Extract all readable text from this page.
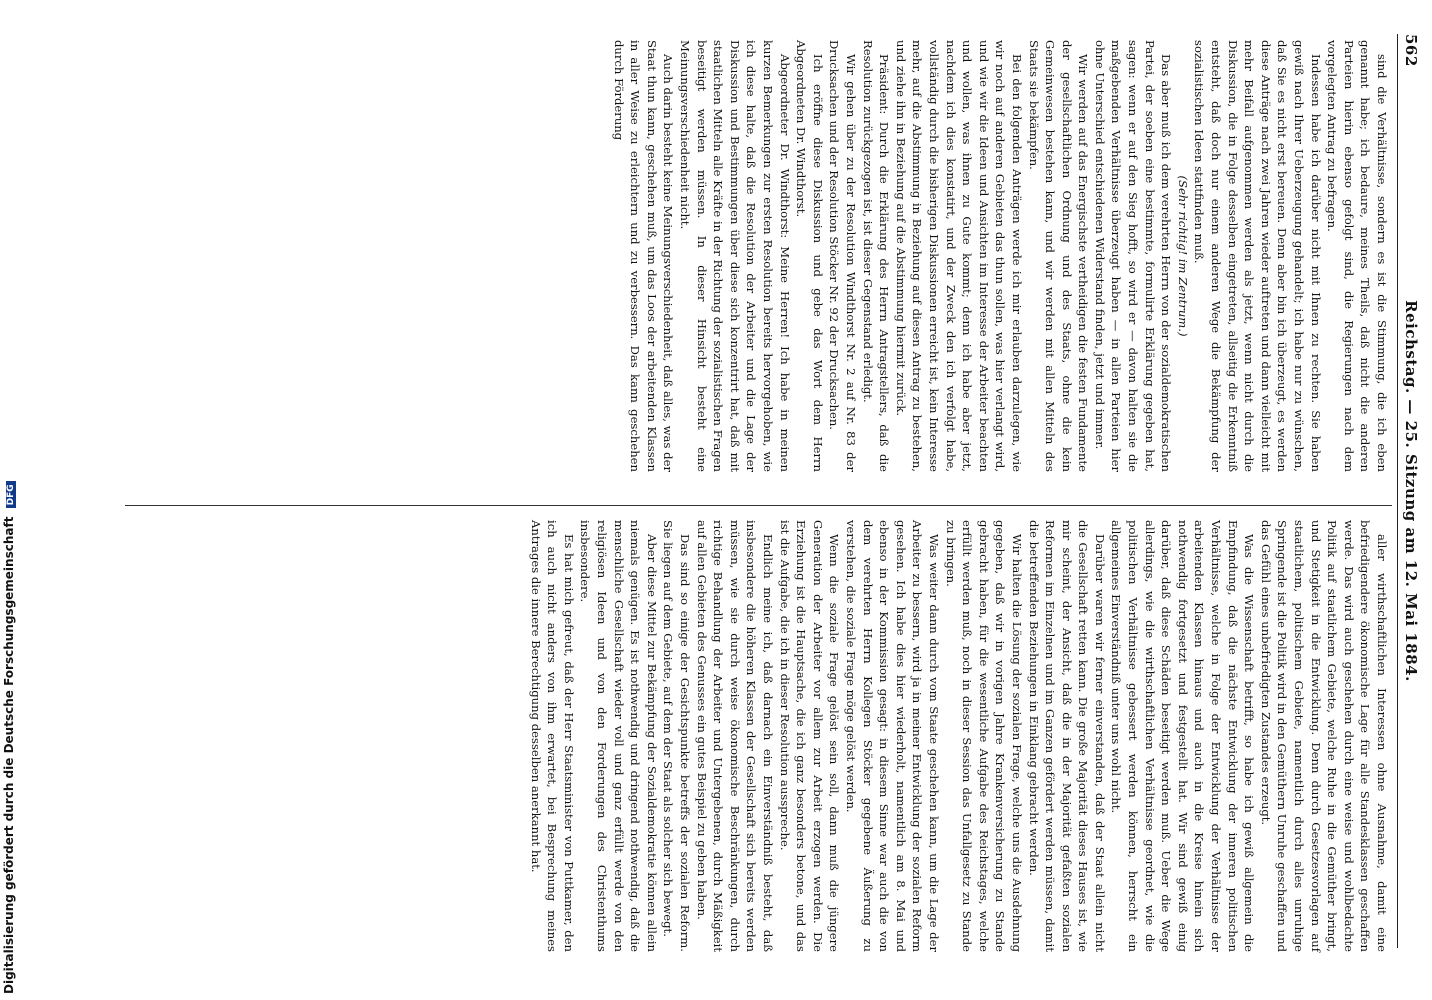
562
Reichstag. — 25. Sitzung am 12. Mai 1884.

sind die Verhältnisse, sondern es ist die Stimmung, die ich eben genannt habe; ich bedaure, meines Theils, daß nicht die anderen Parteien hierin ebenso gefolgt sind, die Regierungen nach dem vorgelegten Antrag zu befragen.

Indessen habe ich darüber nicht mit Ihnen zu rechten. Sie haben gewiß nach Ihrer Ueberzeugung gehandelt; ich habe nur zu wünschen, daß Sie es nicht erst bereuen. Denn aber bin ich überzeugt, es werden diese Anträge nach zwei Jahren wieder auftreten und dann vielleicht mit mehr Beifall aufgenommen werden als jetzt, wenn nicht durch die Diskussion, die in Folge desselben eingetreten, allseitig die Erkenntniß entsteht, daß doch nur einem anderen Wege die Bekämpfung der sozialistischen Ideen stattfinden muß.

(Sehr richtig! im Zentrum.)

Das aber muß ich dem verehrten Herrn von der sozialdemokratischen Partei, der soeben eine bestimmte, formulirte Erklärung gegeben hat, sagen: wenn er auf den Sieg hofft, so wird er — davon halten sie die maßgebenden Verhältnisse überzeugt haben — in allen Parteien hier ohne Unterschied entschiedenen Widerstand finden, jetzt und immer.

Wir werden auf das Energischste vertheidigen die festen Fundamente der gesellschaftlichen Ordnung und des Staats, ohne die kein Gemeinwesen bestehen kann, und wir werden mit allen Mitteln des Staats sie bekämpfen.

Bei den folgenden Anträgen werde ich mir erlauben darzulegen, wie wir noch auf anderen Gebieten das thun sollen, was hier verlangt wird, und wie wir die Ideen und Ansichten im Interesse der Arbeiter beachten und wollen, was ihnen zu Gute kommt; denn ich habe aber jetzt, nachdem ich dies konstatirt, und der Zweck den ich verfolgt habe, vollständig durch die bisherigen Diskussionen erreicht ist, kein Interesse mehr, auf die Abstimmung in Beziehung auf diesen Antrag zu bestehen, und ziehe ihn in Beziehung auf die Abstimmung hiermit zurück.

Präsident: Durch die Erklärung des Herrn Antragstellers, daß die Resolution zurückgezogen ist, ist dieser Gegenstand erledigt.

Wir gehen über zu der Resolution Windthorst Nr. 2 auf Nr. 83 der Drucksachen und der Resolution Stöcker Nr. 92 der Drucksachen.

Ich eröffne diese Diskussion und gebe das Wort dem Herrn Abgeordneten Dr. Windthorst.

Abgeordneter Dr. Windthorst: Meine Herren! Ich habe in meinen kurzen Bemerkungen zur ersten Resolution bereits hervorgehoben, wie ich diese halte, daß die Resolution der Arbeiter und die Lage der Diskussion und Bestimmungen über diese sich konzentrirt hat, daß mit staatlichen Mitteln alle Kräfte in der Richtung der sozialistischen Fragen beseitigt werden müssen. In dieser Hinsicht besteht eine Meinungsverschiedenheit nicht.

Auch darin besteht keine Meinungsverschiedenheit, daß alles, was der Staat thun kann, geschehen muß, um das Loos der arbeitenden Klassen in aller Weise zu erleichtern und zu verbessern. Das kann geschehen durch Förderung

aller wirthschaftlichen Interessen ohne Ausnahme, damit eine befriedigendere ökonomische Lage für alle Standesklassen geschaffen werde. Das wird auch geschehen durch eine weise und wohlbedachte Politik auf staatlichem Gebiete, welche Ruhe in die Gemüther bringt, und Stetigkeit in die Entwicklung. Denn durch Gesetzesvorlagen auf staatlichem, politischem Gebiete, namentlich durch alles unruhige Springende ist die Politik wird in den Gemüthern Unruhe geschaffen und das Gefühl eines unbefriedigten Zustandes erzeugt.

Was die Wissenschaft betrifft, so habe ich gewiß allgemein die Empfindung, daß die nächste Entwicklung der inneren politischen Verhältnisse, welche in Folge der Entwicklung der Verhältnisse der arbeitenden Klassen hinaus und auch in die Kreise hinein sich nothwendig fortgesetzt und festgestellt hat. Wir sind gewiß einig darüber, daß diese Schäden beseitigt werden muß. Ueber die Wege allerdings, wie die wirthschaftlichen Verhältnisse geordnet, wie die politischen Verhältnisse gebessert werden können, herrscht ein allgemeines Einverständniß unter uns wohl nicht.

Darüber waren wir ferner einverstanden, daß der Staat allein nicht die Gesellschaft retten kann. Die große Majorität dieses Hauses ist, wie mir scheint, der Ansicht, daß die in der Majorität gefaßten sozialen Reformen im Einzelnen und im Ganzen gefördert werden müssen, damit die betreffenden Beziehungen in Einklang gebracht werden.

Wir halten die Lösung der sozialen Frage, welche uns die Ausdehnung gegeben, daß wir in vorigen Jahre Krankenversicherung zu Stande gebracht haben, für die wesentliche Aufgabe des Reichstages, welche erfüllt werden muß, noch in dieser Session das Unfallgesetz zu Stande zu bringen.

Was weiter dann durch vom Staate geschehen kann, um die Lage der Arbeiter zu bessern, wird ja in meiner Entwicklung der sozialen Reform gesehen. Ich habe dies hier wiederholt, namentlich am 8. Mai und ebenso in der Kommission gesagt: in diesem Sinne war auch die von dem verehrten Herrn Kollegen Stöcker gegebene Äußerung zu verstehen, die soziale Frage möge gelöst werden.

Wenn die soziale Frage gelöst sein soll, dann muß die jüngere Generation der Arbeiter vor allem zur Arbeit erzogen werden. Die Erziehung ist die Hauptsache, die ich ganz besonders betone, und das ist die Aufgabe, die ich in dieser Resolution ausspreche.

Endlich meine ich, daß darnach ein Einverständniß besteht, daß insbesondere die höheren Klassen der Gesellschaft sich bereits werden müssen, wie sie durch weise ökonomische Beschränkungen, durch richtige Behandlung der Arbeiter und Untergebenen, durch Mäßigkeit auf allen Gebieten des Genusses ein gutes Beispiel zu geben haben.

Das sind so einige der Gesichtspunkte betreffs der sozialen Reform. Sie liegen auf dem Gebiete, auf dem der Staat als solcher sich bewegt.

Aber diese Mittel zur Bekämpfung der Sozialdemokratie können allein niemals genügen. Es ist nothwendig und dringend nothwendig, daß die menschliche Gesellschaft wieder voll und ganz erfüllt werde von den religiösen Ideen und von den Forderungen des Christenthums insbesondere.

Es hat mich gefreut, daß der Herr Staatsminister von Puttkamer, den ich auch nicht anders von ihm erwartet, bei Besprechung meines Antrages die innere Berechtigung desselben anerkannt hat.

Digitalisierung gefördert durch die Deutsche Forschungsgemeinschaft DFG
